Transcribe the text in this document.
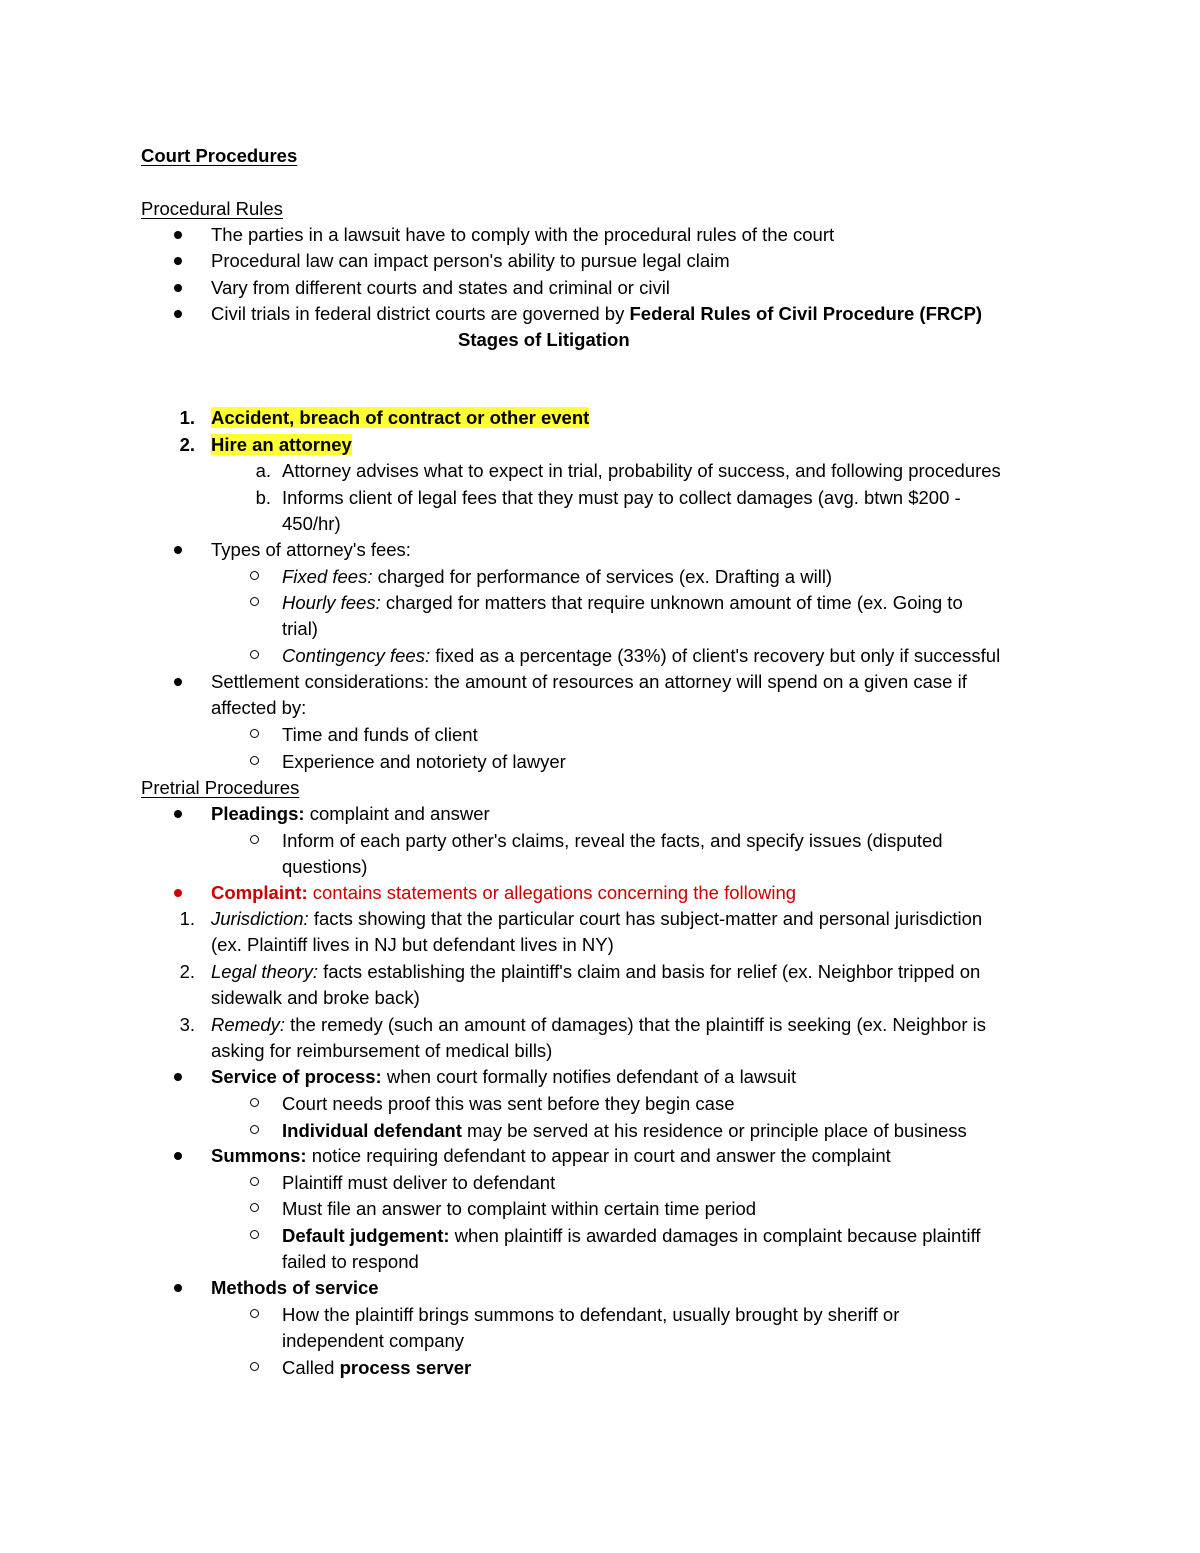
Court Procedures
Procedural Rules
The parties in a lawsuit have to comply with the procedural rules of the court
Procedural law can impact person's ability to pursue legal claim
Vary from different courts and states and criminal or civil
Civil trials in federal district courts are governed by Federal Rules of Civil Procedure (FRCP)
Stages of Litigation
1. Accident, breach of contract or other event
2. Hire an attorney
a. Attorney advises what to expect in trial, probability of success, and following procedures
b. Informs client of legal fees that they must pay to collect damages (avg. btwn $200 -
450/hr)
Types of attorney's fees:
Fixed fees: charged for performance of services (ex. Drafting a will)
Hourly fees: charged for matters that require unknown amount of time (ex. Going to
trial)
Contingency fees: fixed as a percentage (33%) of client's recovery but only if successful
Settlement considerations: the amount of resources an attorney will spend on a given case if
affected by:
Time and funds of client
Experience and notoriety of lawyer
Pretrial Procedures
Pleadings: complaint and answer
Inform of each party other's claims, reveal the facts, and specify issues (disputed
questions)
Complaint: contains statements or allegations concerning the following
1. Jurisdiction: facts showing that the particular court has subject-matter and personal jurisdiction
(ex. Plaintiff lives in NJ but defendant lives in NY)
2. Legal theory: facts establishing the plaintiff's claim and basis for relief (ex. Neighbor tripped on
sidewalk and broke back)
3. Remedy: the remedy (such an amount of damages) that the plaintiff is seeking (ex. Neighbor is
asking for reimbursement of medical bills)
Service of process: when court formally notifies defendant of a lawsuit
Court needs proof this was sent before they begin case
Individual defendant may be served at his residence or principle place of business
Summons: notice requiring defendant to appear in court and answer the complaint
Plaintiff must deliver to defendant
Must file an answer to complaint within certain time period
Default judgement: when plaintiff is awarded damages in complaint because plaintiff
failed to respond
Methods of service
How the plaintiff brings summons to defendant, usually brought by sheriff or
independent company
Called process server
